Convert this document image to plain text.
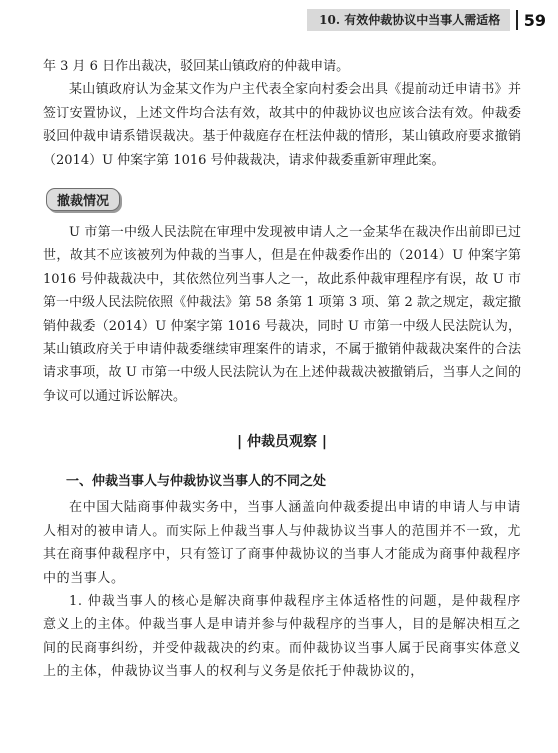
10. 有效仲裁协议中当事人需适格	59

年 3 月 6 日作出裁决，驳回某山镇政府的仲裁申请。

某山镇政府认为金某文作为户主代表全家向村委会出具《提前动迁申请书》并签订安置协议，上述文件均合法有效，故其中的仲裁协议也应该合法有效。仲裁委驳回仲裁申请系错误裁决。基于仲裁庭存在枉法仲裁的情形，某山镇政府要求撤销（2014）U 仲案字第 1016 号仲裁裁决，请求仲裁委重新审理此案。

撤裁情况

U 市第一中级人民法院在审理中发现被申请人之一金某华在裁决作出前即已过世，故其不应该被列为仲裁的当事人，但是在仲裁委作出的（2014）U 仲案字第 1016 号仲裁裁决中，其依然位列当事人之一，故此系仲裁审理程序有误，故 U 市第一中级人民法院依照《仲裁法》第 58 条第 1 项第 3 项、第 2 款之规定，裁定撤销仲裁委（2014）U 仲案字第 1016 号裁决，同时 U 市第一中级人民法院认为，某山镇政府关于申请仲裁委继续审理案件的请求，不属于撤销仲裁裁决案件的合法请求事项，故 U 市第一中级人民法院认为在上述仲裁裁决被撤销后，当事人之间的争议可以通过诉讼解决。

| 仲裁员观察 |
一、仲裁当事人与仲裁协议当事人的不同之处

在中国大陆商事仲裁实务中，当事人涵盖向仲裁委提出申请的申请人与申请人相对的被申请人。而实际上仲裁当事人与仲裁协议当事人的范围并不一致，尤其在商事仲裁程序中，只有签订了商事仲裁协议的当事人才能成为商事仲裁程序中的当事人。

1. 仲裁当事人的核心是解决商事仲裁程序主体适格性的问题，是仲裁程序意义上的主体。仲裁当事人是申请并参与仲裁程序的当事人，目的是解决相互之间的民商事纠纷，并受仲裁裁决的约束。而仲裁协议当事人属于民商事实体意义上的主体，仲裁协议当事人的权利与义务是依托于仲裁协议的，
